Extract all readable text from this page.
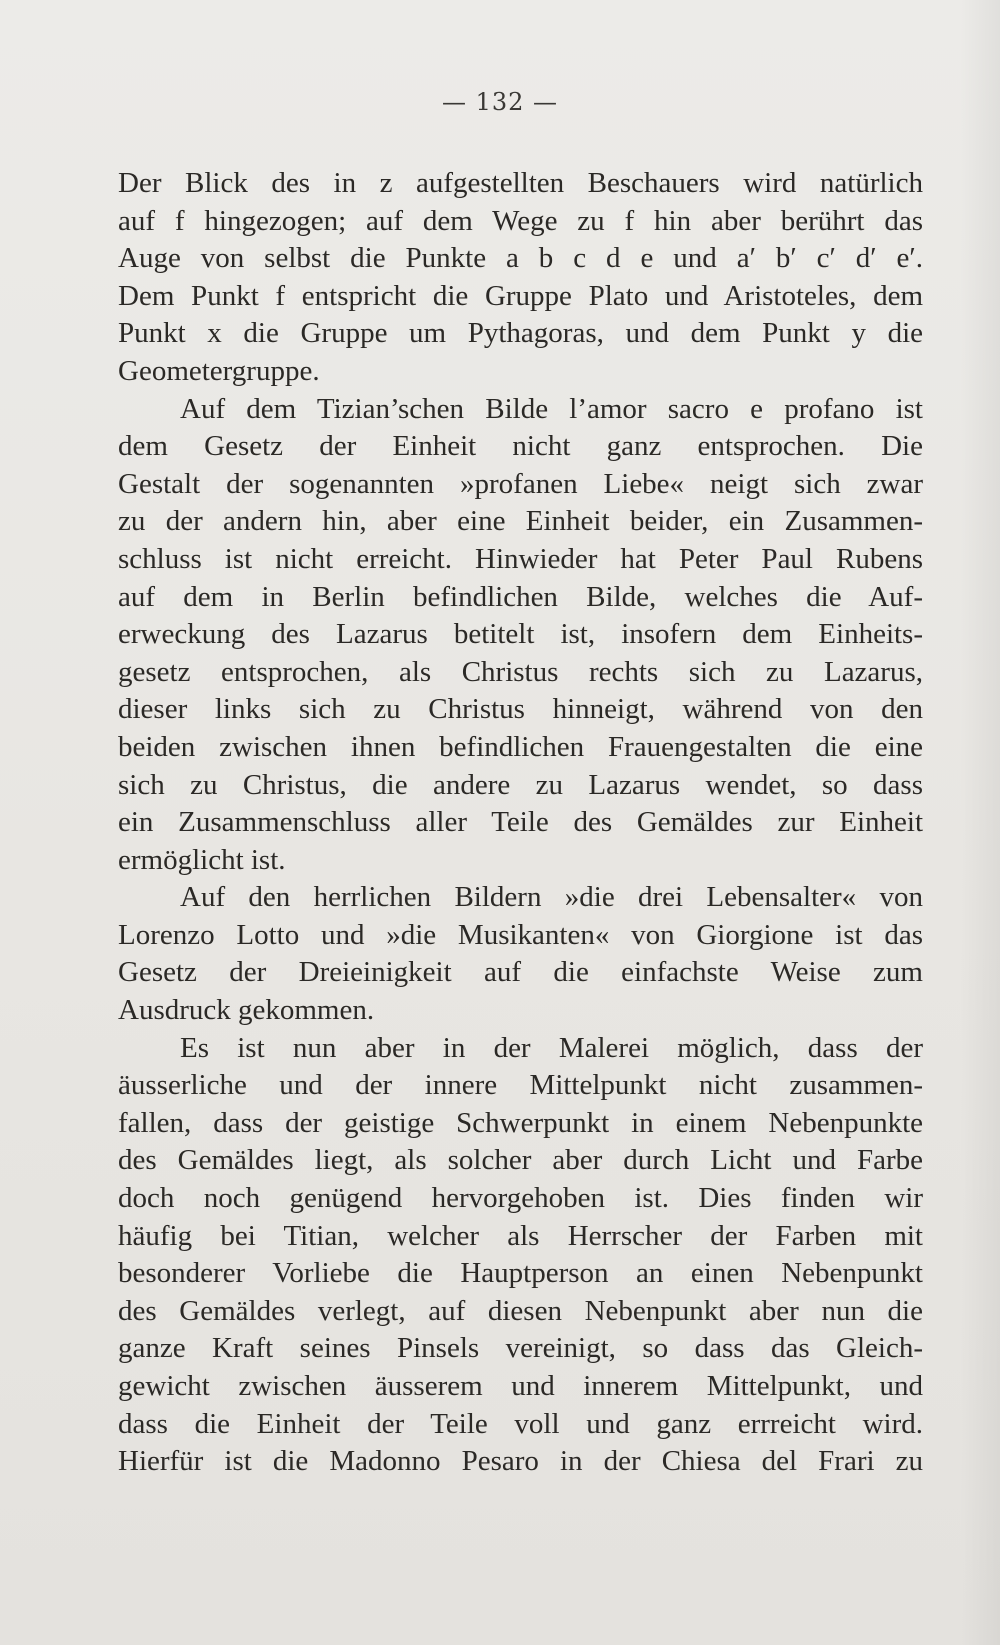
— 132 —
Der Blick des in z aufgestellten Beschauers wird natürlich
auf f hingezogen; auf dem Wege zu f hin aber berührt das
Auge von selbst die Punkte a b c d e und a′ b′ c′ d′ e′.
Dem Punkt f entspricht die Gruppe Plato und Aristoteles, dem
Punkt x die Gruppe um Pythagoras, und dem Punkt y die
Geometergruppe.
Auf dem Tizian’schen Bilde l’amor sacro e profano ist
dem Gesetz der Einheit nicht ganz entsprochen. Die
Gestalt der sogenannten »profanen Liebe« neigt sich zwar
zu der andern hin, aber eine Einheit beider, ein Zusammen-
schluss ist nicht erreicht. Hinwieder hat Peter Paul Rubens
auf dem in Berlin befindlichen Bilde, welches die Auf-
erweckung des Lazarus betitelt ist, insofern dem Einheits-
gesetz entsprochen, als Christus rechts sich zu Lazarus,
dieser links sich zu Christus hinneigt, während von den
beiden zwischen ihnen befindlichen Frauengestalten die eine
sich zu Christus, die andere zu Lazarus wendet, so dass
ein Zusammenschluss aller Teile des Gemäldes zur Einheit
ermöglicht ist.
Auf den herrlichen Bildern »die drei Lebensalter« von
Lorenzo Lotto und »die Musikanten« von Giorgione ist das
Gesetz der Dreieinigkeit auf die einfachste Weise zum
Ausdruck gekommen.
Es ist nun aber in der Malerei möglich, dass der
äusserliche und der innere Mittelpunkt nicht zusammen-
fallen, dass der geistige Schwerpunkt in einem Nebenpunkte
des Gemäldes liegt, als solcher aber durch Licht und Farbe
doch noch genügend hervorgehoben ist. Dies finden wir
häufig bei Titian, welcher als Herrscher der Farben mit
besonderer Vorliebe die Hauptperson an einen Nebenpunkt
des Gemäldes verlegt, auf diesen Nebenpunkt aber nun die
ganze Kraft seines Pinsels vereinigt, so dass das Gleich-
gewicht zwischen äusserem und innerem Mittelpunkt, und
dass die Einheit der Teile voll und ganz errreicht wird.
Hierfür ist die Madonno Pesaro in der Chiesa del Frari zu
